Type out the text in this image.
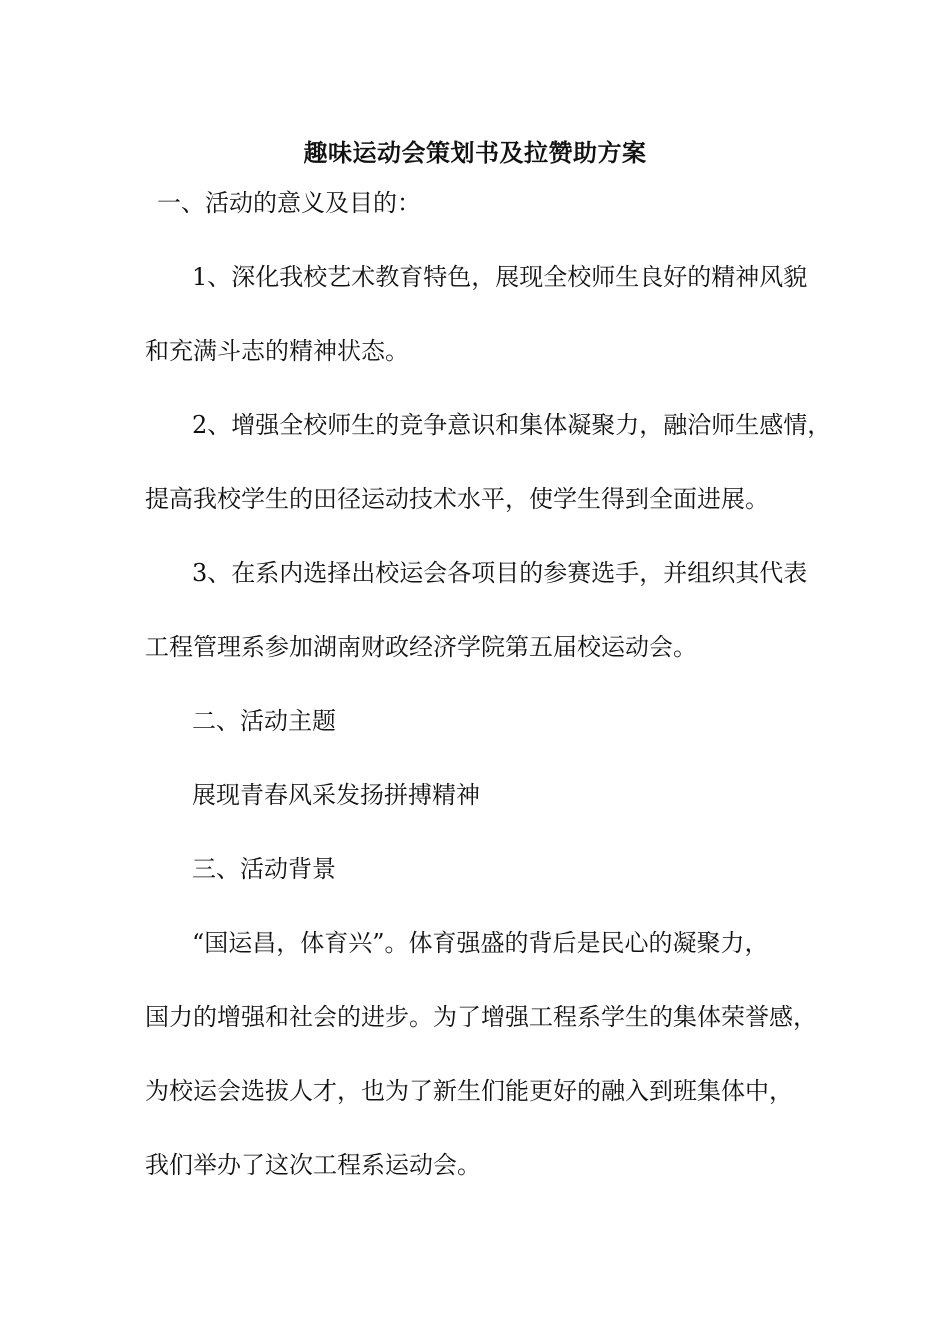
趣味运动会策划书及拉赞助方案
一、活动的意义及目的：
1、深化我校艺术教育特色，展现全校师生良好的精神风貌
和充满斗志的精神状态。
2、增强全校师生的竞争意识和集体凝聚力，融洽师生感情，
提高我校学生的田径运动技术水平，使学生得到全面进展。
3、在系内选择出校运会各项目的参赛选手，并组织其代表
工程管理系参加湖南财政经济学院第五届校运动会。
二、活动主题
展现青春风采发扬拼搏精神
三、活动背景
“国运昌，体育兴”。体育强盛的背后是民心的凝聚力，
国力的增强和社会的进步。为了增强工程系学生的集体荣誉感，
为校运会选拔人才，也为了新生们能更好的融入到班集体中，
我们举办了这次工程系运动会。
